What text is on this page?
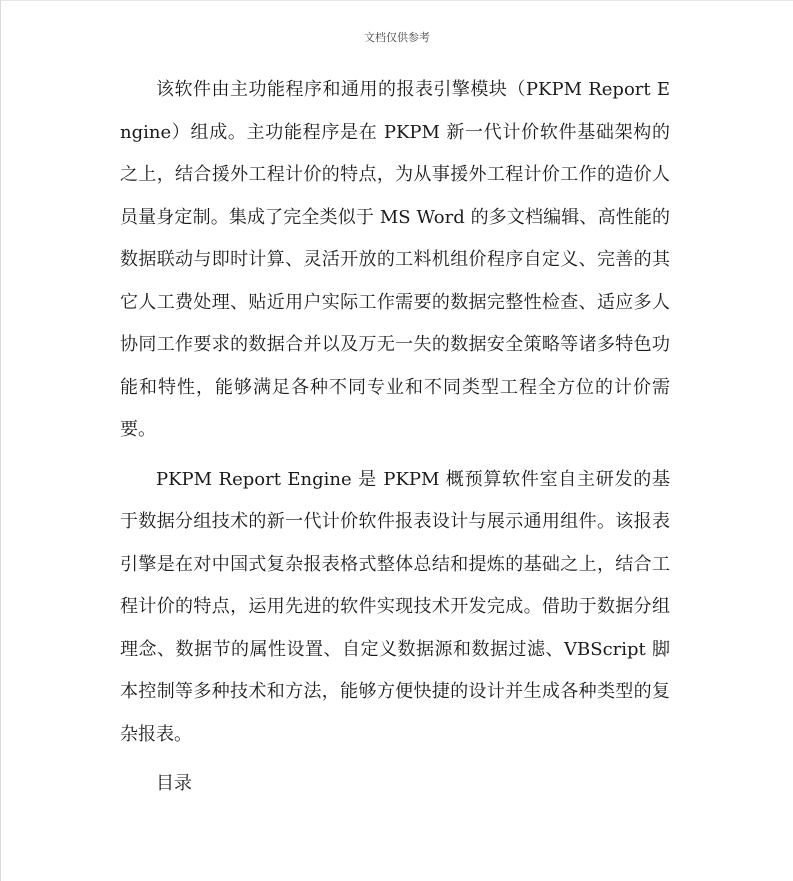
文档仅供参考

该软件由主功能程序和通用的报表引擎模块（PKPM Report Engine）组成。主功能程序是在 PKPM 新一代计价软件基础架构的之上，结合援外工程计价的特点，为从事援外工程计价工作的造价人员量身定制。集成了完全类似于 MS Word 的多文档编辑、高性能的数据联动与即时计算、灵活开放的工料机组价程序自定义、完善的其它人工费处理、贴近用户实际工作需要的数据完整性检查、适应多人协同工作要求的数据合并以及万无一失的数据安全策略等诸多特色功能和特性，能够满足各种不同专业和不同类型工程全方位的计价需要。

PKPM Report Engine 是 PKPM 概预算软件室自主研发的基于数据分组技术的新一代计价软件报表设计与展示通用组件。该报表引擎是在对中国式复杂报表格式整体总结和提炼的基础之上，结合工程计价的特点，运用先进的软件实现技术开发完成。借助于数据分组理念、数据节的属性设置、自定义数据源和数据过滤、VBScript 脚本控制等多种技术和方法，能够方便快捷的设计并生成各种类型的复杂报表。

目录
